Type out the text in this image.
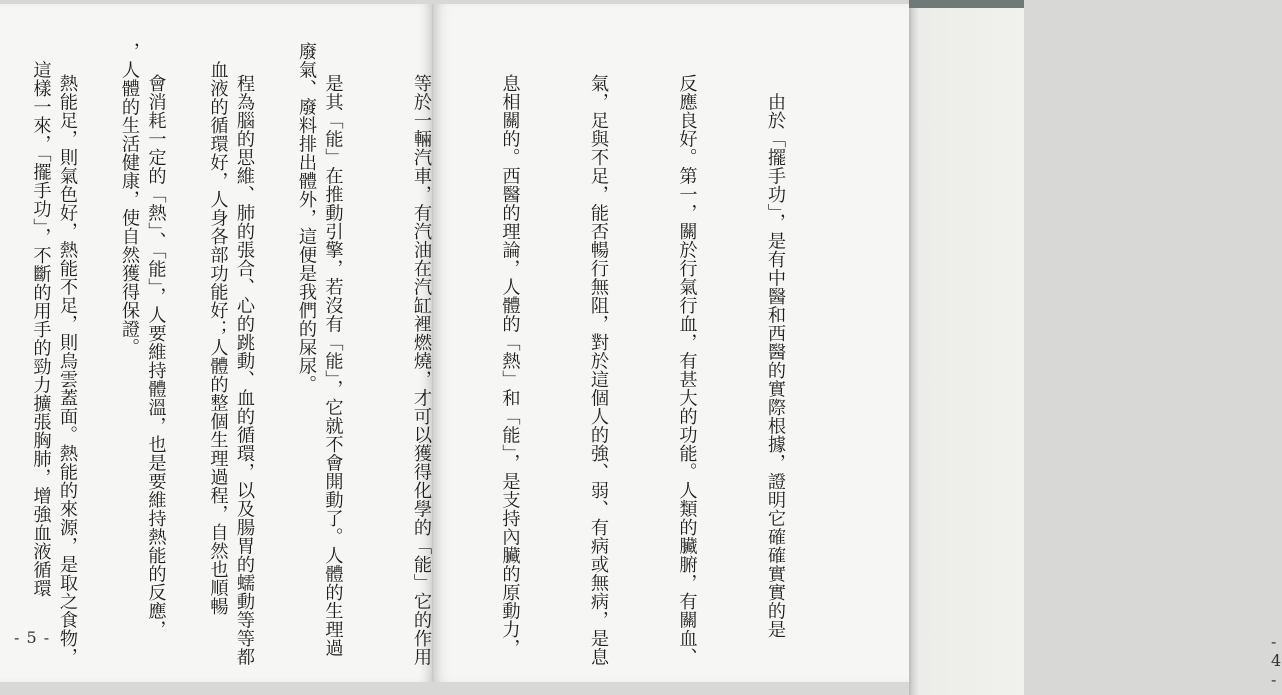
廢氣、廢料排出體外，這便是我們的屎尿。

　血液的循環好，人身各部功能好；人體的整個生理過程，自然也順暢

，人體的生活健康，使自然獲得保證。

　這樣一來，「擺手功」，不斷的用手的勁力擴張胸肺，增強血液循環

- 5 -

	　由於「擺手功」，是有中醫和西醫的實際根據，證明它確確實實的是

反應良好。第一，關於行氣行血，有甚大的功能。人類的臟腑，有關血、

氣，足與不足，能否暢行無阻，對於這個人的強、弱、有病或無病，是息

息相關的。西醫的理論，人體的「熱」和「能」，是支持內臟的原動力，

等於一輛汽車，有汽油在汽缸裡燃燒，才可以獲得化學的「能」它的作用

是其「能」在推動引擎，若沒有「能」，它就不會開動了。人體的生理過

程為腦的思維、肺的張合、心的跳動、血的循環，以及腸胃的蠕動等等都

會消耗一定的「熱」、「能」，人要維持體溫，也是要維持熱能的反應，

熱能足，則氣色好，熱能不足，則烏雲蓋面。熱能的來源，是取之食物，

	- 4 -
